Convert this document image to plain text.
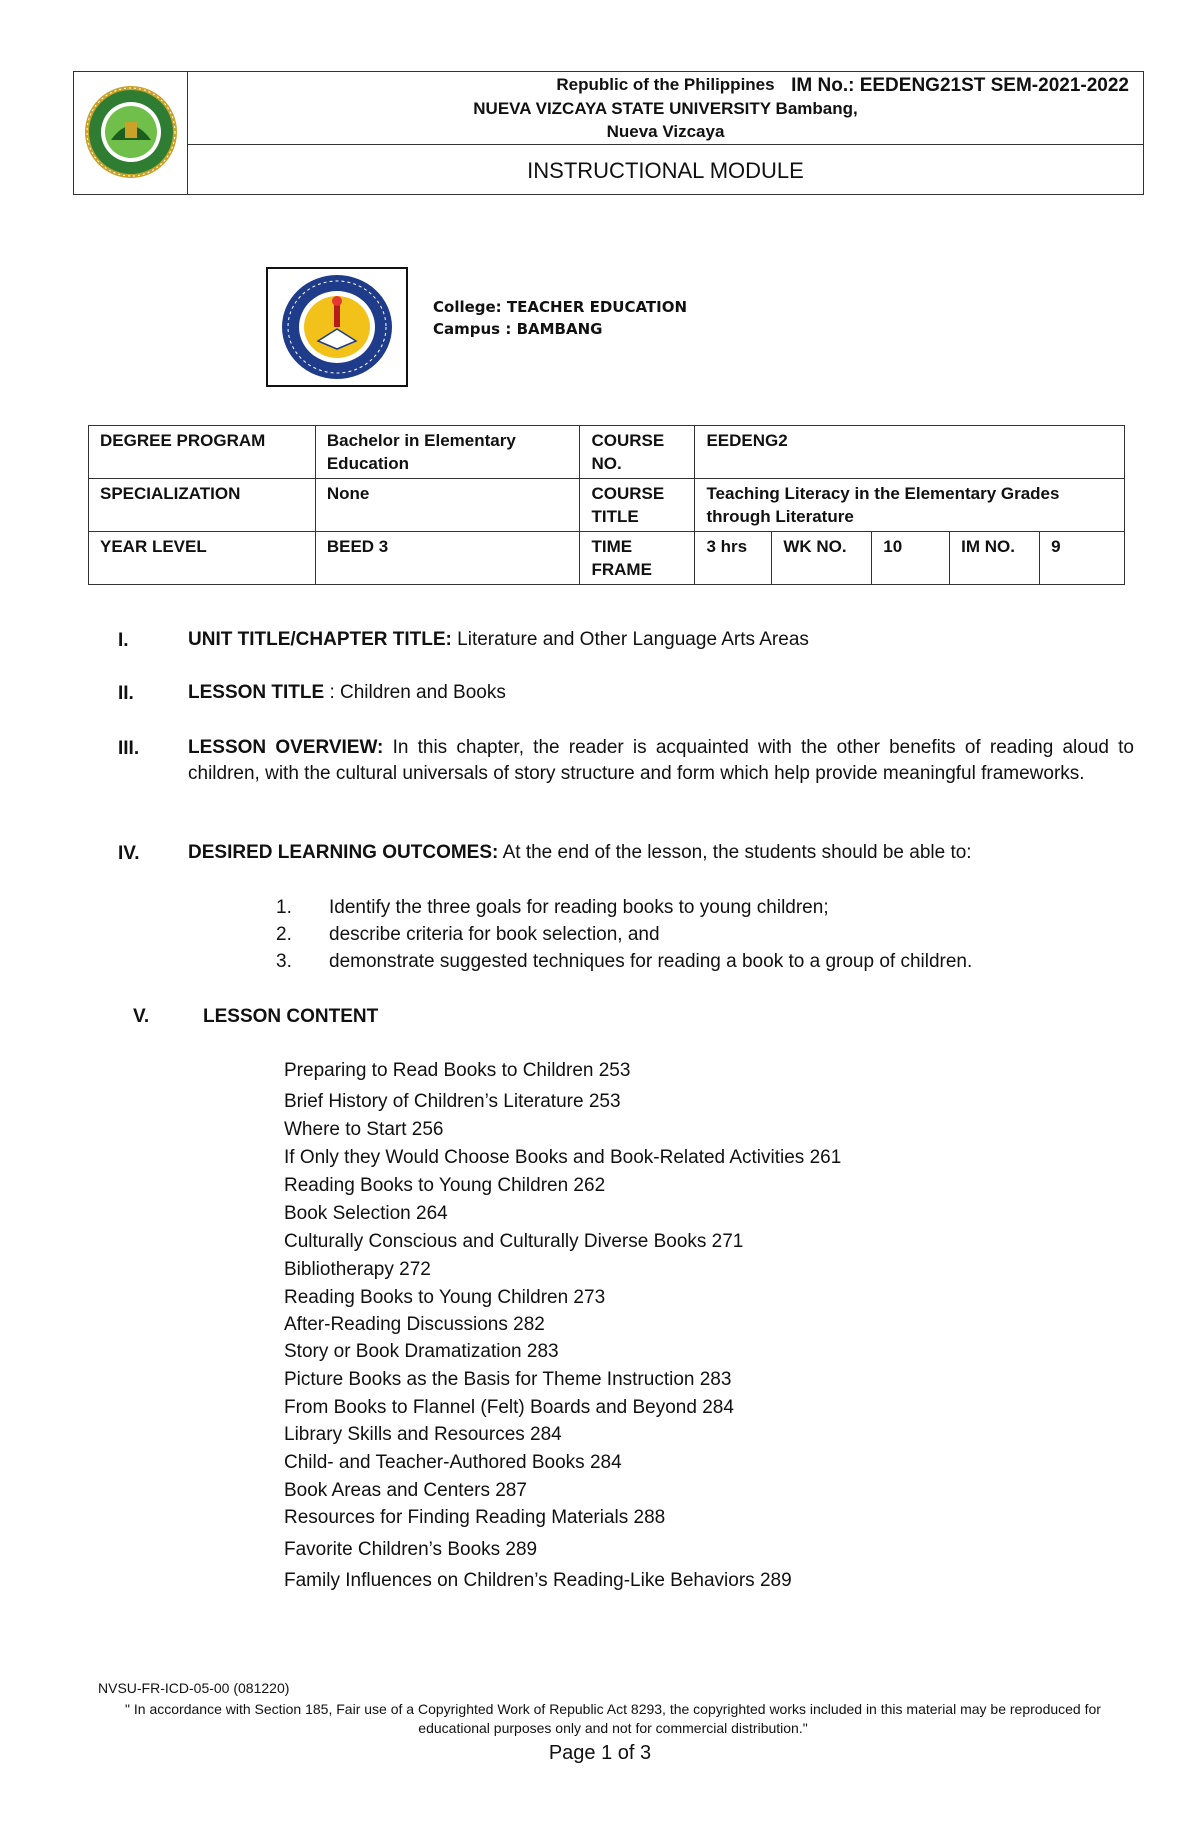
Republic of the Philippines IM No.: EEDENG21ST SEM-2021-2022
NUEVA VIZCAYA STATE UNIVERSITY Bambang,
Nueva Vizcaya
INSTRUCTIONAL MODULE
College: TEACHER EDUCATION
Campus : BAMBANG
DEGREE PROGRAM	Bachelor in Elementary Education	COURSE NO.	EEDENG2				
SPECIALIZATION	None	COURSE TITLE	Teaching Literacy in the Elementary Grades through Literature				
YEAR LEVEL	BEED 3	TIME FRAME	3 hrs	WK NO.	10	IM NO.	9
I.	UNIT TITLE/CHAPTER TITLE: Literature and Other Language Arts Areas
II.	LESSON TITLE : Children and Books
III.	LESSON OVERVIEW: In this chapter, the reader is acquainted with the other benefits of reading aloud to children, with the cultural universals of story structure and form which help provide meaningful frameworks.
IV.	DESIRED LEARNING OUTCOMES: At the end of the lesson, the students should be able to:
1. Identify the three goals for reading books to young children;
2. describe criteria for book selection, and
3. demonstrate suggested techniques for reading a book to a group of children.
V.	LESSON CONTENT
Preparing to Read Books to Children 253
Brief History of Children’s Literature 253
Where to Start 256
If Only they Would Choose Books and Book-Related Activities 261
Reading Books to Young Children 262
Book Selection 264
Culturally Conscious and Culturally Diverse Books 271
Bibliotherapy 272
Reading Books to Young Children 273
After-Reading Discussions 282
Story or Book Dramatization 283
Picture Books as the Basis for Theme Instruction 283
From Books to Flannel (Felt) Boards and Beyond 284
Library Skills and Resources 284
Child- and Teacher-Authored Books 284
Book Areas and Centers 287
Resources for Finding Reading Materials 288
Favorite Children’s Books 289
Family Influences on Children’s Reading-Like Behaviors 289
NVSU-FR-ICD-05-00 (081220)
" In accordance with Section 185, Fair use of a Copyrighted Work of Republic Act 8293, the copyrighted works included in this material may be reproduced for educational purposes only and not for commercial distribution."
Page 1 of 3
